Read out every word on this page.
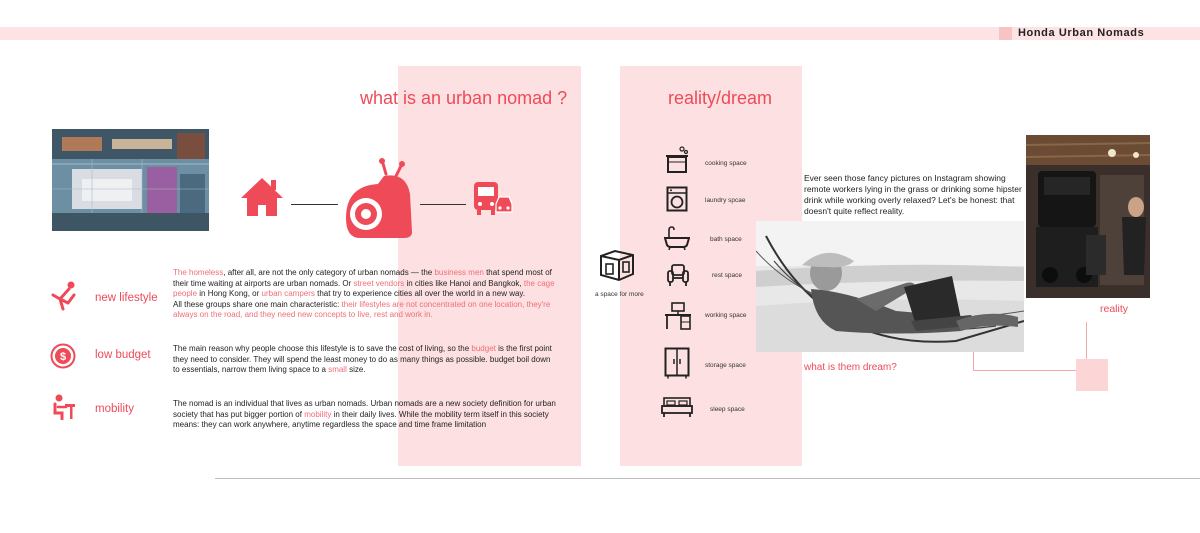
Honda Urban Nomads
what is an urban nomad ?	reality/dream
new lifestyle
$	low budget
mobility
The homeless, after all, are not the only category of urban nomads — the business men that spend most of their time waiting at airports are urban nomads. Or street vendors in cities like Hanoi and Bangkok, the cage people in Hong Kong, or urban campers that try to experience cities all over the world in a new way.
All these groups share one main characteristic: their lifestyles are not concentrated on one location, they're always on the road, and they need new concepts to live, rest and work in.
The main reason why people choose this lifestyle is to save the cost of living, so the budget is the first point they need to consider. They will spend the least money to do as many things as possible. budget boil down to essentials, narrow them living space to a small size.
The nomad is an individual that lives as urban nomads. Urban nomads are a new society definition for urban society that has put bigger portion of mobility in their daily lives. While the mobility term itself in this society means: they can work anywhere, anytime regardless the space and time frame limitation
a space for more
cooking space
laundry spcae
bath space
rest space
working space
storage space
sleep space
Ever seen those fancy pictures on Instagram showing remote workers lying in the grass or drinking some hipster drink while working overly relaxed? Let's be honest: that doesn't quite reflect reality.
what is them dream?
reality
